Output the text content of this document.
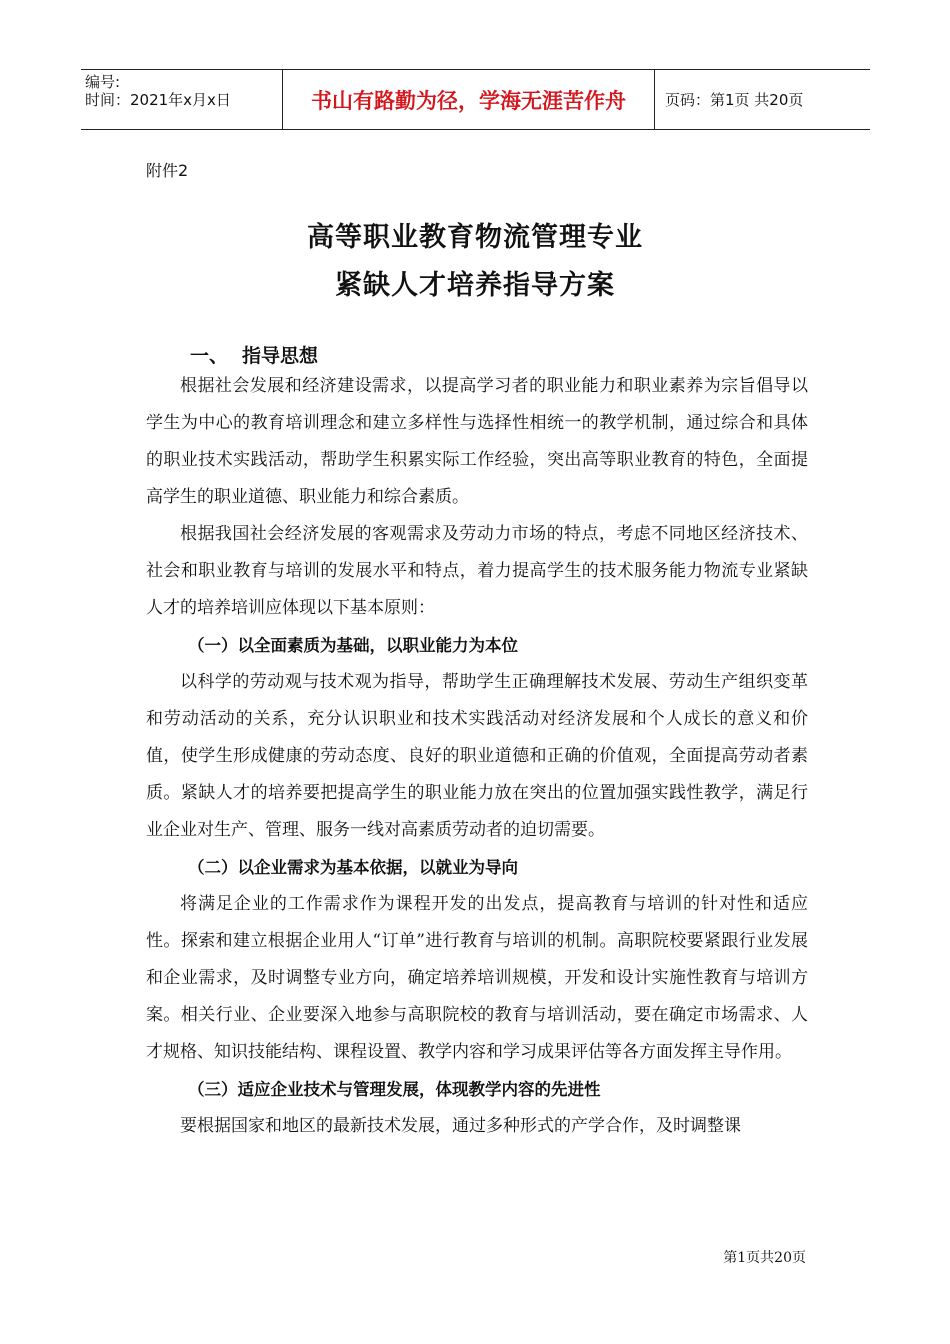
编号:
时间：2021年x月x日	书山有路勤为径，学海无涯苦作舟	页码：第1页 共20页
附件2
高等职业教育物流管理专业
紧缺人才培养指导方案
一、 指导思想

根据社会发展和经济建设需求，以提高学习者的职业能力和职业素养为宗旨倡导以学生为中心的教育培训理念和建立多样性与选择性相统一的教学机制，通过综合和具体的职业技术实践活动，帮助学生积累实际工作经验，突出高等职业教育的特色，全面提高学生的职业道德、职业能力和综合素质。

根据我国社会经济发展的客观需求及劳动力市场的特点，考虑不同地区经济技术、社会和职业教育与培训的发展水平和特点，着力提高学生的技术服务能力物流专业紧缺人才的培养培训应体现以下基本原则：

（一）以全面素质为基础，以职业能力为本位

以科学的劳动观与技术观为指导，帮助学生正确理解技术发展、劳动生产组织变革和劳动活动的关系，充分认识职业和技术实践活动对经济发展和个人成长的意义和价值，使学生形成健康的劳动态度、良好的职业道德和正确的价值观，全面提高劳动者素质。紧缺人才的培养要把提高学生的职业能力放在突出的位置加强实践性教学，满足行业企业对生产、管理、服务一线对高素质劳动者的迫切需要。

（二）以企业需求为基本依据，以就业为导向

将满足企业的工作需求作为课程开发的出发点，提高教育与培训的针对性和适应性。探索和建立根据企业用人“订单”进行教育与培训的机制。高职院校要紧跟行业发展和企业需求，及时调整专业方向，确定培养培训规模，开发和设计实施性教育与培训方案。相关行业、企业要深入地参与高职院校的教育与培训活动，要在确定市场需求、人才规格、知识技能结构、课程设置、教学内容和学习成果评估等各方面发挥主导作用。

（三）适应企业技术与管理发展，体现教学内容的先进性

要根据国家和地区的最新技术发展，通过多种形式的产学合作，及时调整课

第1页共20页
